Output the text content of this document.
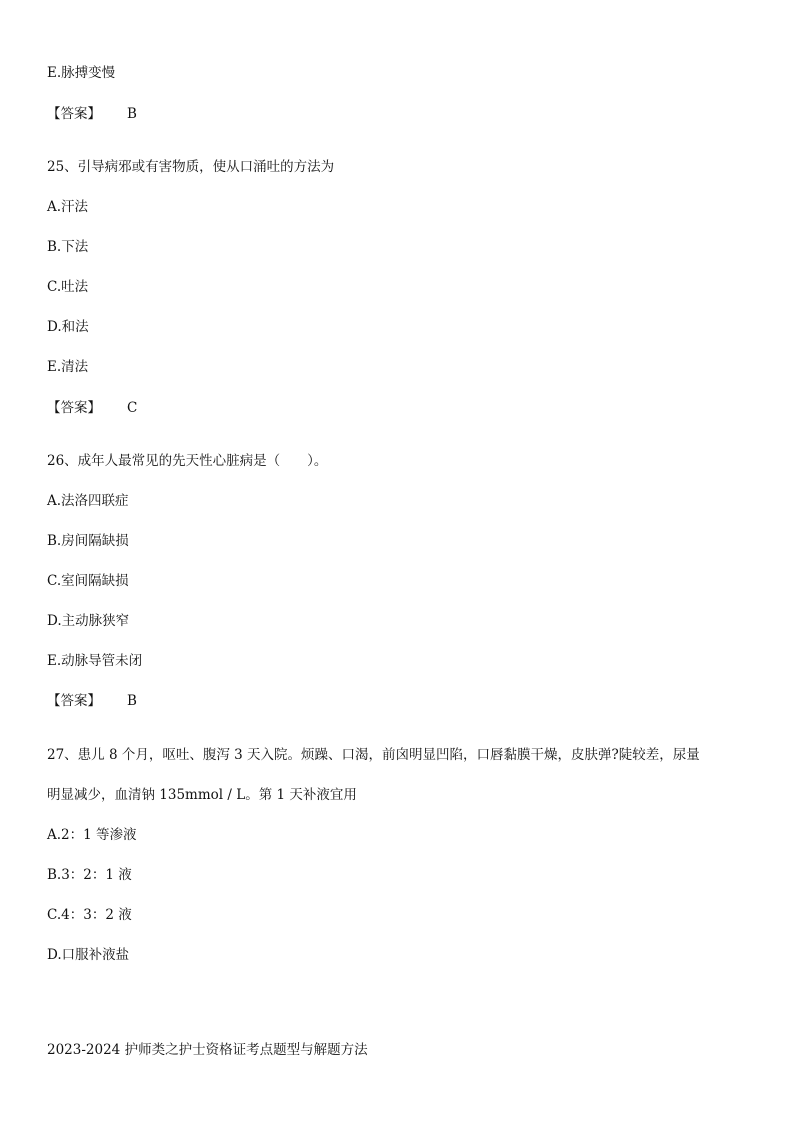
E.脉搏变慢
【答案】 B
25、引导病邪或有害物质，使从口涌吐的方法为
A.汗法
B.下法
C.吐法
D.和法
E.清法
【答案】 C
26、成年人最常见的先天性心脏病是（　　）。
A.法洛四联症
B.房间隔缺损
C.室间隔缺损
D.主动脉狭窄
E.动脉导管未闭
【答案】 B
27、患儿 8 个月，呕吐、腹泻 3 天入院。烦躁、口渴，前囟明显凹陷，口唇黏膜干燥，皮肤弹?陡较差，尿量
明显减少，血清钠 135mmol / L。第 1 天补液宜用
A.2：1 等渗液
B.3：2：1 液
C.4：3：2 液
D.口服补液盐
2023-2024 护师类之护士资格证考点题型与解题方法
